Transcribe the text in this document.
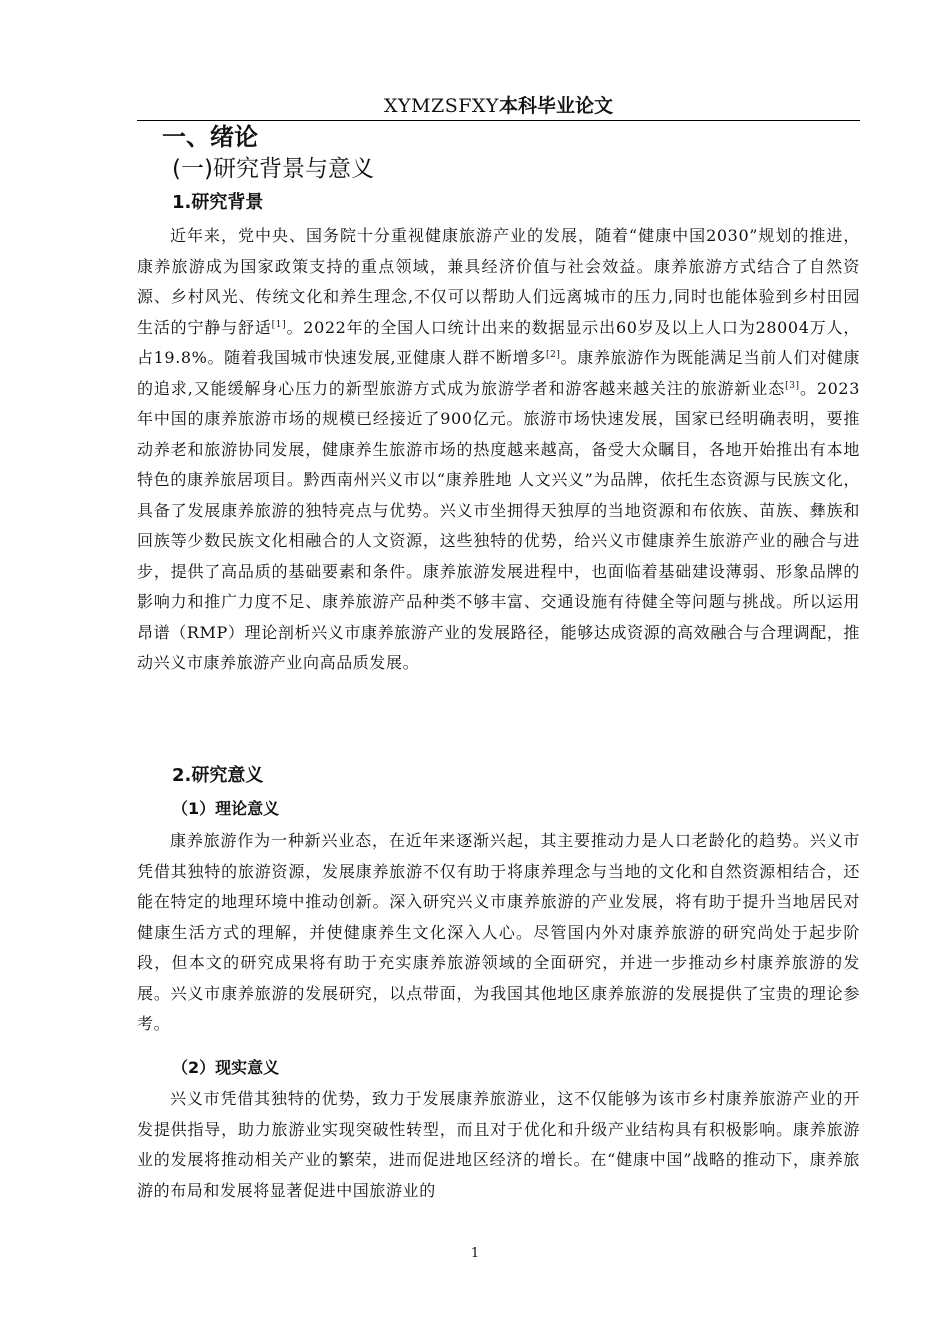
XYMZSFXY本科毕业论文
一、绪论
(一)研究背景与意义
1.研究背景

近年来，党中央、国务院十分重视健康旅游产业的发展，随着“健康中国2030”规划的推进，康养旅游成为国家政策支持的重点领域，兼具经济价值与社会效益。康养旅游方式结合了自然资源、乡村风光、传统文化和养生理念,不仅可以帮助人们远离城市的压力,同时也能体验到乡村田园生活的宁静与舒适[1]。2022年的全国人口统计出来的数据显示出60岁及以上人口为28004万人，占19.8%。随着我国城市快速发展,亚健康人群不断增多[2]。康养旅游作为既能满足当前人们对健康的追求,又能缓解身心压力的新型旅游方式成为旅游学者和游客越来越关注的旅游新业态[3]。2023年中国的康养旅游市场的规模已经接近了900亿元。旅游市场快速发展，国家已经明确表明，要推动养老和旅游协同发展，健康养生旅游市场的热度越来越高，备受大众瞩目，各地开始推出有本地特色的康养旅居项目。黔西南州兴义市以“康养胜地 人文兴义”为品牌，依托生态资源与民族文化，具备了发展康养旅游的独特亮点与优势。兴义市坐拥得天独厚的当地资源和布依族、苗族、彝族和回族等少数民族文化相融合的人文资源，这些独特的优势，给兴义市健康养生旅游产业的融合与进步，提供了高品质的基础要素和条件。康养旅游发展进程中，也面临着基础建设薄弱、形象品牌的影响力和推广力度不足、康养旅游产品种类不够丰富、交通设施有待健全等问题与挑战。所以运用昂谱（RMP）理论剖析兴义市康养旅游产业的发展路径，能够达成资源的高效融合与合理调配，推动兴义市康养旅游产业向高品质发展。

2.研究意义
（1）理论意义

康养旅游作为一种新兴业态，在近年来逐渐兴起，其主要推动力是人口老龄化的趋势。兴义市凭借其独特的旅游资源，发展康养旅游不仅有助于将康养理念与当地的文化和自然资源相结合，还能在特定的地理环境中推动创新。深入研究兴义市康养旅游的产业发展，将有助于提升当地居民对健康生活方式的理解，并使健康养生文化深入人心。尽管国内外对康养旅游的研究尚处于起步阶段，但本文的研究成果将有助于充实康养旅游领域的全面研究，并进一步推动乡村康养旅游的发展。兴义市康养旅游的发展研究，以点带面，为我国其他地区康养旅游的发展提供了宝贵的理论参考。

（2）现实意义

兴义市凭借其独特的优势，致力于发展康养旅游业，这不仅能够为该市乡村康养旅游产业的开发提供指导，助力旅游业实现突破性转型，而且对于优化和升级产业结构具有积极影响。康养旅游业的发展将推动相关产业的繁荣，进而促进地区经济的增长。在“健康中国”战略的推动下，康养旅游的布局和发展将显著促进中国旅游业的

1
